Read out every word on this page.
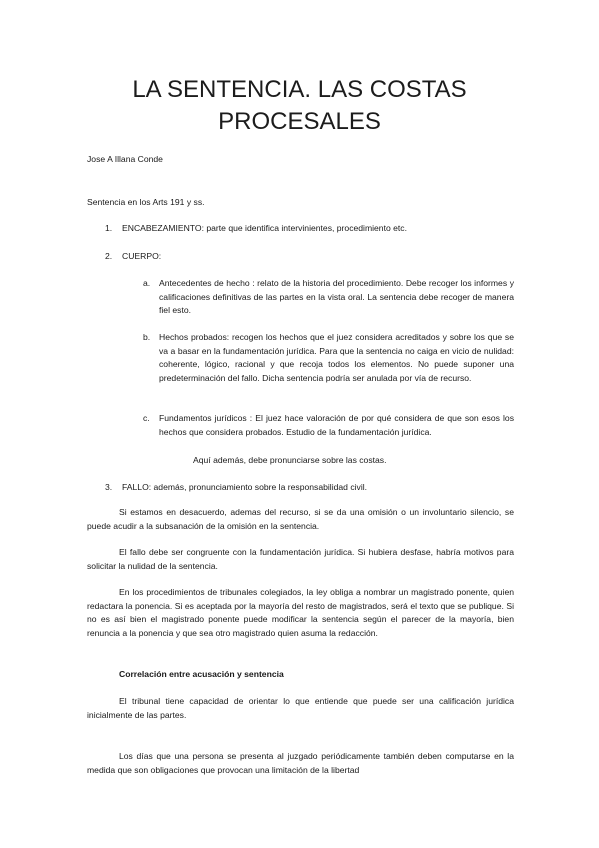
LA SENTENCIA. LAS COSTAS
PROCESALES

Jose A Illana Conde

Sentencia en los Arts 191 y ss.

1. ENCABEZAMIENTO: parte que identifica intervinientes, procedimiento etc.

2. CUERPO:

a. Antecedentes de hecho : relato de la historia del procedimiento. Debe recoger los informes y calificaciones definitivas de las partes en la vista oral. La sentencia debe recoger de manera fiel esto.

b. Hechos probados: recogen los hechos que el juez considera acreditados y sobre los que se va a basar en la fundamentación jurídica. Para que la sentencia no caiga en vicio de nulidad: coherente, lógico, racional y que recoja todos los elementos. No puede suponer una predeterminación del fallo. Dicha sentencia podría ser anulada por vía de recurso.

c. Fundamentos jurídicos : El juez hace valoración de por qué considera de que son esos los hechos que considera probados. Estudio de la fundamentación jurídica.

Aquí además, debe pronunciarse sobre las costas.

3. FALLO: además, pronunciamiento sobre la responsabilidad civil.

Si estamos en desacuerdo, ademas del recurso, si se da una omisión o un involuntario silencio, se puede acudir a la subsanación de la omisión en la sentencia.

El fallo debe ser congruente con la fundamentación jurídica. Si hubiera desfase, habría motivos para solicitar la nulidad de la sentencia.

En los procedimientos de tribunales colegiados, la ley obliga a nombrar un magistrado ponente, quien redactara la ponencia. Si es aceptada por la mayoría del resto de magistrados, será el texto que se publique. Si no es así bien el magistrado ponente puede modificar la sentencia según el parecer de la mayoría, bien renuncia a la ponencia y que sea otro magistrado quien asuma la redacción.

Correlación entre acusación y sentencia

El tribunal tiene capacidad de orientar lo que entiende que puede ser una calificación jurídica inicialmente de las partes.

Los días que una persona se presenta al juzgado periódicamente también deben computarse en la medida que son obligaciones que provocan una limitación de la libertad
